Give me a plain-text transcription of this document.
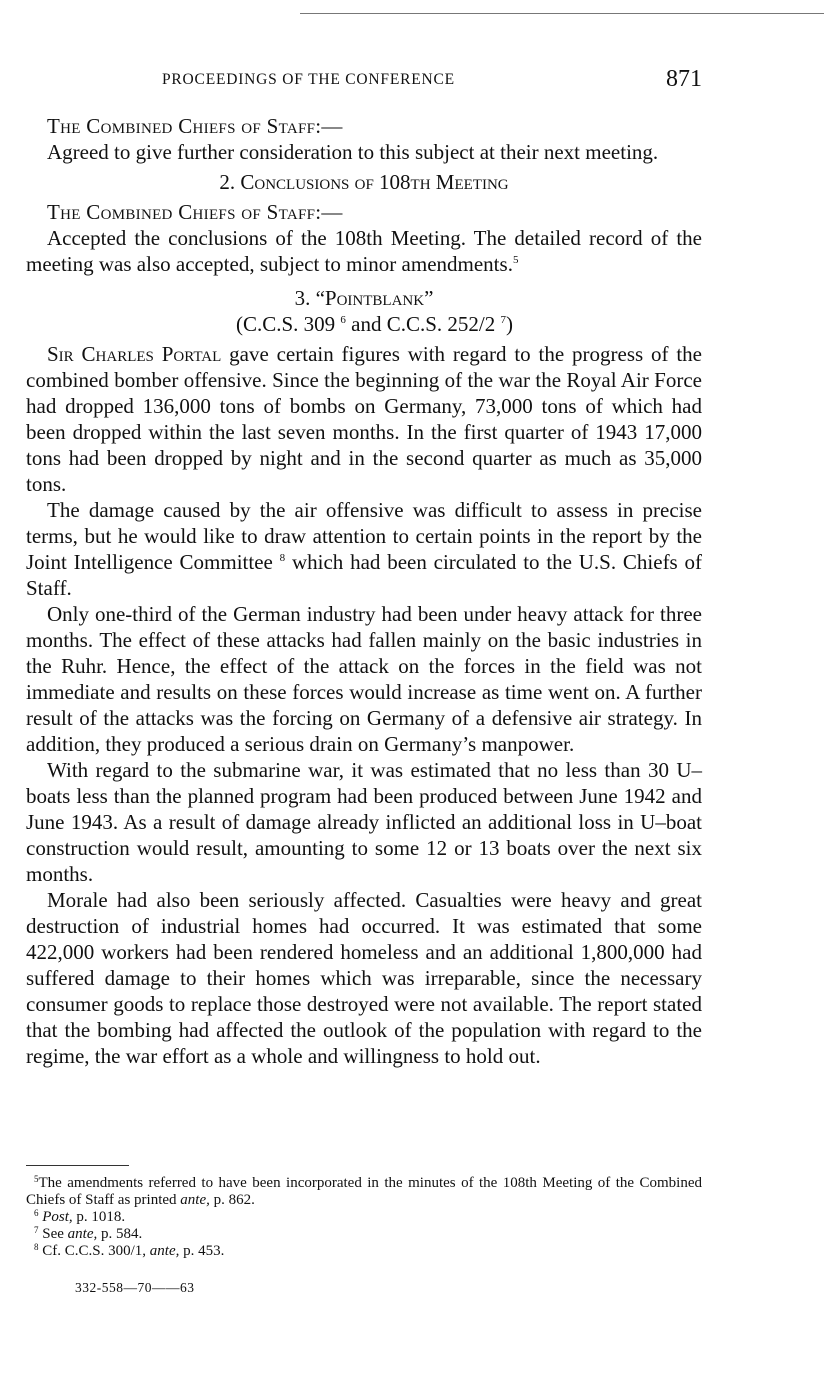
PROCEEDINGS OF THE CONFERENCE	871

The Combined Chiefs of Staff:—

Agreed to give further consideration to this subject at their next meeting.

2. Conclusions of 108th Meeting

The Combined Chiefs of Staff:—

Accepted the conclusions of the 108th Meeting. The detailed record of the meeting was also accepted, subject to minor amendments.$^5$

3. “Pointblank”

(C.C.S. 309 $^6$ and C.C.S. 252/2 $^7$)

Sir Charles Portal gave certain figures with regard to the progress of the combined bomber offensive. Since the beginning of the war the Royal Air Force had dropped 136,000 tons of bombs on Germany, 73,000 tons of which had been dropped within the last seven months. In the first quarter of 1943 17,000 tons had been dropped by night and in the second quarter as much as 35,000 tons.

The damage caused by the air offensive was difficult to assess in precise terms, but he would like to draw attention to certain points in the report by the Joint Intelligence Committee $^8$ which had been circulated to the U.S. Chiefs of Staff.

Only one-third of the German industry had been under heavy attack for three months. The effect of these attacks had fallen mainly on the basic industries in the Ruhr. Hence, the effect of the attack on the forces in the field was not immediate and results on these forces would increase as time went on. A further result of the attacks was the forcing on Germany of a defensive air strategy. In addition, they produced a serious drain on Germany’s manpower.

With regard to the submarine war, it was estimated that no less than 30 U–boats less than the planned program had been produced between June 1942 and June 1943. As a result of damage already inflicted an additional loss in U–boat construction would result, amounting to some 12 or 13 boats over the next six months.

Morale had also been seriously affected. Casualties were heavy and great destruction of industrial homes had occurred. It was estimated that some 422,000 workers had been rendered homeless and an additional 1,800,000 had suffered damage to their homes which was irreparable, since the necessary consumer goods to replace those destroyed were not available. The report stated that the bombing had affected the outlook of the population with regard to the regime, the war effort as a whole and willingness to hold out.

$^5$The amendments referred to have been incorporated in the minutes of the 108th Meeting of the Combined Chiefs of Staff as printed ante, p. 862.

$^6$ Post, p. 1018.

$^7$ See ante, p. 584.

$^8$ Cf. C.C.S. 300/1, ante, p. 453.

332-558—70——63
